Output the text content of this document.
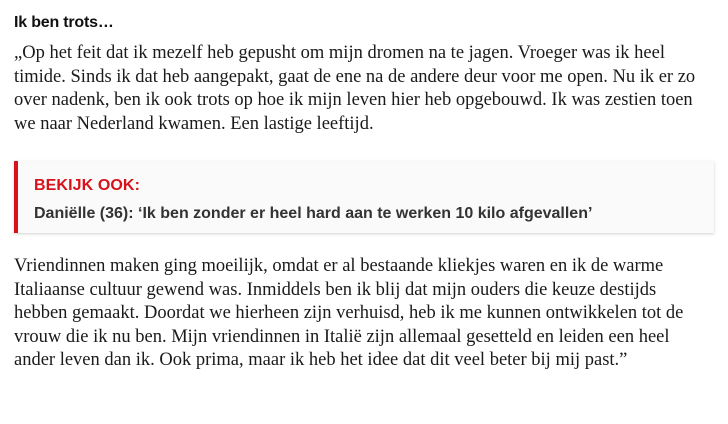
Ik ben trots…

„Op het feit dat ik mezelf heb gepusht om mijn dromen na te jagen. Vroeger was ik heel timide. Sinds ik dat heb aangepakt, gaat de ene na de andere deur voor me open. Nu ik er zo over nadenk, ben ik ook trots op hoe ik mijn leven hier heb opgebouwd. Ik was zestien toen we naar Nederland kwamen. Een lastige leeftijd.

BEKIJK OOK:
Daniëlle (36): ‘Ik ben zonder er heel hard aan te werken 10 kilo afgevallen’

Vriendinnen maken ging moeilijk, omdat er al bestaande kliekjes waren en ik de warme Italiaanse cultuur gewend was. Inmiddels ben ik blij dat mijn ouders die keuze destijds hebben gemaakt. Doordat we hierheen zijn verhuisd, heb ik me kunnen ontwikkelen tot de vrouw die ik nu ben. Mijn vriendinnen in Italië zijn allemaal gesetteld en leiden een heel ander leven dan ik. Ook prima, maar ik heb het idee dat dit veel beter bij mij past.”
